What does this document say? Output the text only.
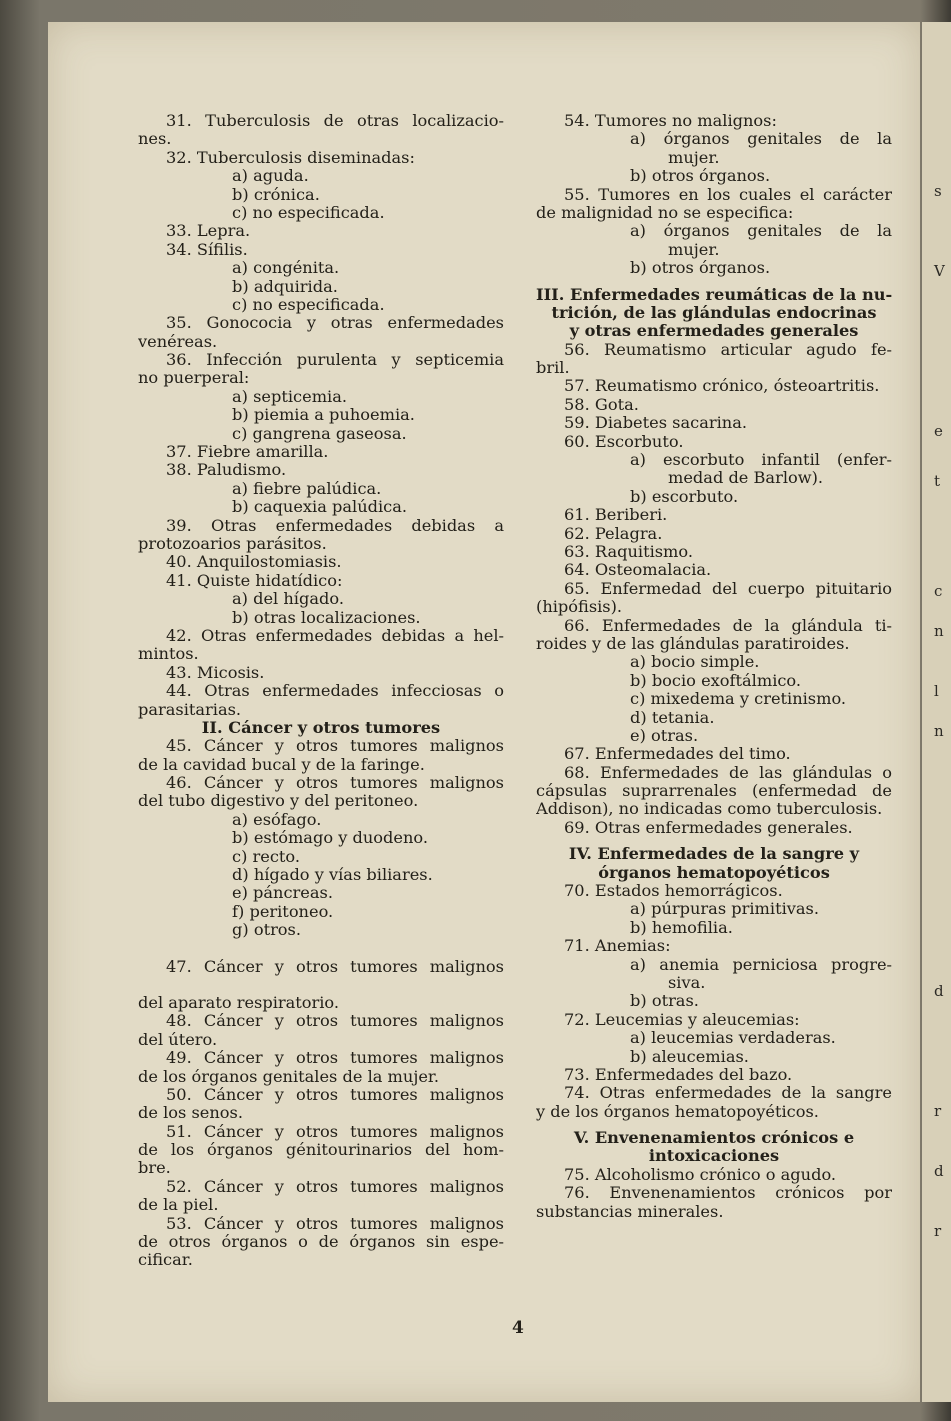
s
V
e
t
c
n
l
n
d
r
d
r
31. Tuberculosis de otras localizacio-
nes.
32. Tuberculosis diseminadas:
a) aguda.
b) crónica.
c) no especificada.
33. Lepra.
34. Sífilis.
a) congénita.
b) adquirida.
c) no especificada.
35. Gonococia y otras enfermedades
venéreas.
36. Infección purulenta y septicemia
no puerperal:
a) septicemia.
b) piemia a puhoemia.
c) gangrena gaseosa.
37. Fiebre amarilla.
38. Paludismo.
a) fiebre palúdica.
b) caquexia palúdica.
39. Otras enfermedades debidas a
protozoarios parásitos.
40. Anquilostomiasis.
41. Quiste hidatídico:
a) del hígado.
b) otras localizaciones.
42. Otras enfermedades debidas a hel-
mintos.
43. Micosis.
44. Otras enfermedades infecciosas o
parasitarias.
II. Cáncer y otros tumores
45. Cáncer y otros tumores malignos
de la cavidad bucal y de la faringe.
46. Cáncer y otros tumores malignos
del tubo digestivo y del peritoneo.
a) esófago.
b) estómago y duodeno.
c) recto.
d) hígado y vías biliares.
e) páncreas.
f) peritoneo.
g) otros.
47. Cáncer y otros tumores malignos
del aparato respiratorio.
48. Cáncer y otros tumores malignos
del útero.
49. Cáncer y otros tumores malignos
de los órganos genitales de la mujer.
50. Cáncer y otros tumores malignos
de los senos.
51. Cáncer y otros tumores malignos
de los órganos génitourinarios del hom-
bre.
52. Cáncer y otros tumores malignos
de la piel.
53. Cáncer y otros tumores malignos
de otros órganos o de órganos sin espe-
cificar.
54. Tumores no malignos:
a) órganos genitales de la
mujer.
b) otros órganos.
55. Tumores en los cuales el carácter
de malignidad no se especifica:
a) órganos genitales de la
mujer.
b) otros órganos.
III. Enfermedades reumáticas de la nu-
trición, de las glándulas endocrinas
y otras enfermedades generales
56. Reumatismo articular agudo fe-
bril.
57. Reumatismo crónico, ósteoartritis.
58. Gota.
59. Diabetes sacarina.
60. Escorbuto.
a) escorbuto infantil (enfer-
medad de Barlow).
b) escorbuto.
61. Beriberi.
62. Pelagra.
63. Raquitismo.
64. Osteomalacia.
65. Enfermedad del cuerpo pituitario
(hipófisis).
66. Enfermedades de la glándula ti-
roides y de las glándulas paratiroides.
a) bocio simple.
b) bocio exoftálmico.
c) mixedema y cretinismo.
d) tetania.
e) otras.
67. Enfermedades del timo.
68. Enfermedades de las glándulas o
cápsulas suprarrenales (enfermedad de
Addison), no indicadas como tuberculosis.
69. Otras enfermedades generales.
IV. Enfermedades de la sangre y
órganos hematopoyéticos
70. Estados hemorrágicos.
a) púrpuras primitivas.
b) hemofilia.
71. Anemias:
a) anemia perniciosa progre-
siva.
b) otras.
72. Leucemias y aleucemias:
a) leucemias verdaderas.
b) aleucemias.
73. Enfermedades del bazo.
74. Otras enfermedades de la sangre
y de los órganos hematopoyéticos.
V. Envenenamientos crónicos e
intoxicaciones
75. Alcoholismo crónico o agudo.
76. Envenenamientos crónicos por
substancias minerales.
4
